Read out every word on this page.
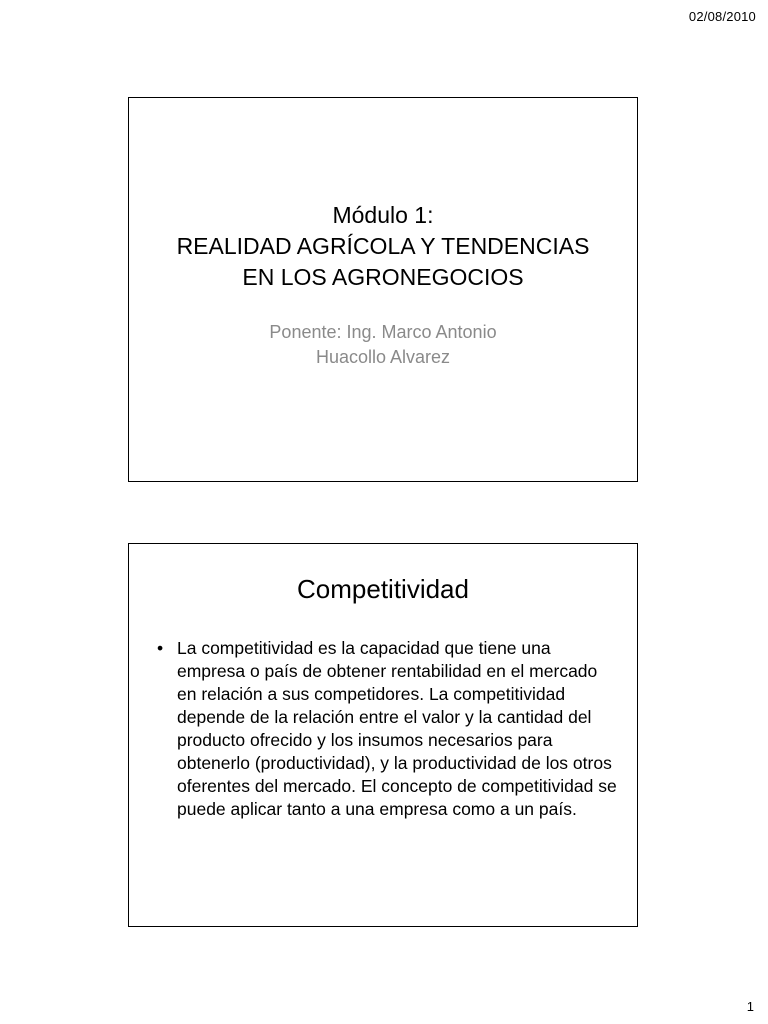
02/08/2010
Módulo 1:
REALIDAD AGRÍCOLA Y TENDENCIAS
EN LOS AGRONEGOCIOS
Ponente: Ing. Marco Antonio
Huacollo Alvarez
Competitividad
• La competitividad es la capacidad que tiene una empresa o país de obtener rentabilidad en el mercado en relación a sus competidores. La competitividad depende de la relación entre el valor y la cantidad del producto ofrecido y los insumos necesarios para obtenerlo (productividad), y la productividad de los otros oferentes del mercado. El concepto de competitividad se puede aplicar tanto a una empresa como a un país.
1
